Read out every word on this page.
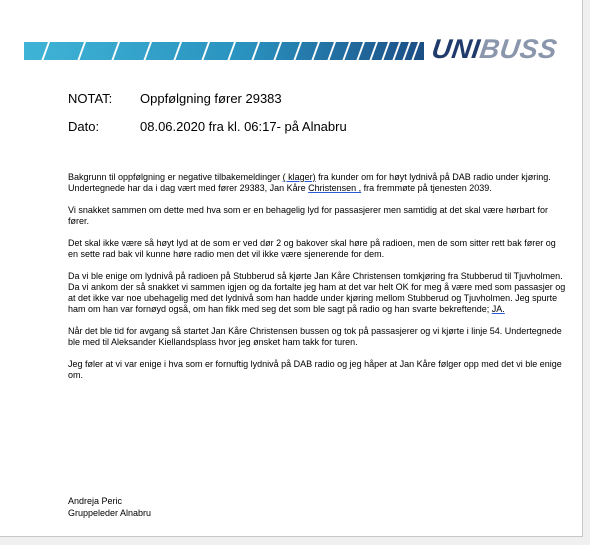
UNIBUSS
NOTAT: Oppfølgning fører 29383
Dato:	08.06.2020 fra kl. 06:17- på Alnabru

Bakgrunn til oppfølgning er negative tilbakemeldinger ( klager) fra kunder om for høyt lydnivå på DAB radio under kjøring.
Undertegnede har da i dag vært med fører 29383, Jan Kåre Christensen , fra fremmøte på tjenesten 2039.

Vi snakket sammen om dette med hva som er en behagelig lyd for passasjerer men samtidig at det skal være hørbart for fører.

Det skal ikke være så høyt lyd at de som er ved dør 2 og bakover skal høre på radioen, men de som sitter rett bak fører og en sette rad bak vil kunne høre radio men det vil ikke være sjenerende for dem.

Da vi ble enige om lydnivå på radioen på Stubberud så kjørte Jan Kåre Christensen tomkjøring fra Stubberud til Tjuvholmen. Da vi ankom der så snakket vi sammen igjen og da fortalte jeg ham at det var helt OK for meg å være med som passasjer og at det ikke var noe ubehagelig med det lydnivå som han hadde under kjøring mellom Stubberud og Tjuvholmen. Jeg spurte ham om han var fornøyd også, om han fikk med seg det som ble sagt på radio og han svarte bekreftende; JA.

Når det ble tid for avgang så startet Jan Kåre Christensen bussen og tok på passasjerer og vi kjørte i linje 54. Undertegnede ble med til Aleksander Kiellandsplass hvor jeg ønsket ham takk for turen.

Jeg føler at vi var enige i hva som er fornuftig lydnivå på DAB radio og jeg håper at Jan Kåre følger opp med det vi ble enige om.

Andreja Peric
Gruppeleder Alnabru
